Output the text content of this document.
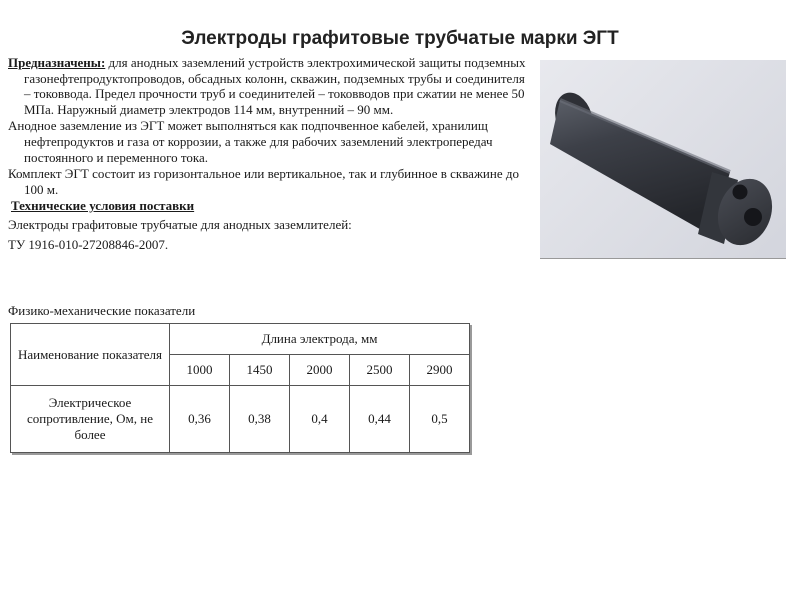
Электроды графитовые трубчатые марки ЭГТ

Предназначены: для анодных заземлений устройств электрохимической защиты подземных газонефтепродуктопроводов, обсадных колонн, скважин, подземных трубы и соединителя – токоввода. Предел прочности труб и соединителей – токовводов при сжатии не менее 50 МПа. Наружный диаметр электродов 114 мм, внутренний – 90 мм.

Анодное заземление из ЭГТ может выполняться как подпочвенное кабелей, хранилищ нефтепродуктов и газа от коррозии, а также для рабочих заземлений электропередач постоянного и переменного тока.

Комплект ЭГТ состоит из горизонтальное или вертикальное, так и глубинное в скважине до 100 м.

Технические условия поставки

Электроды графитовые трубчатые для анодных заземлителей:

ТУ 1916-010-27208846-2007.

Физико-механические показатели
Наименование показателя	Длина электрода, мм				
	1000	1450	2000	2500	2900
Электрическое сопротивление, Ом, не более	0,36	0,38	0,4	0,44	0,5
